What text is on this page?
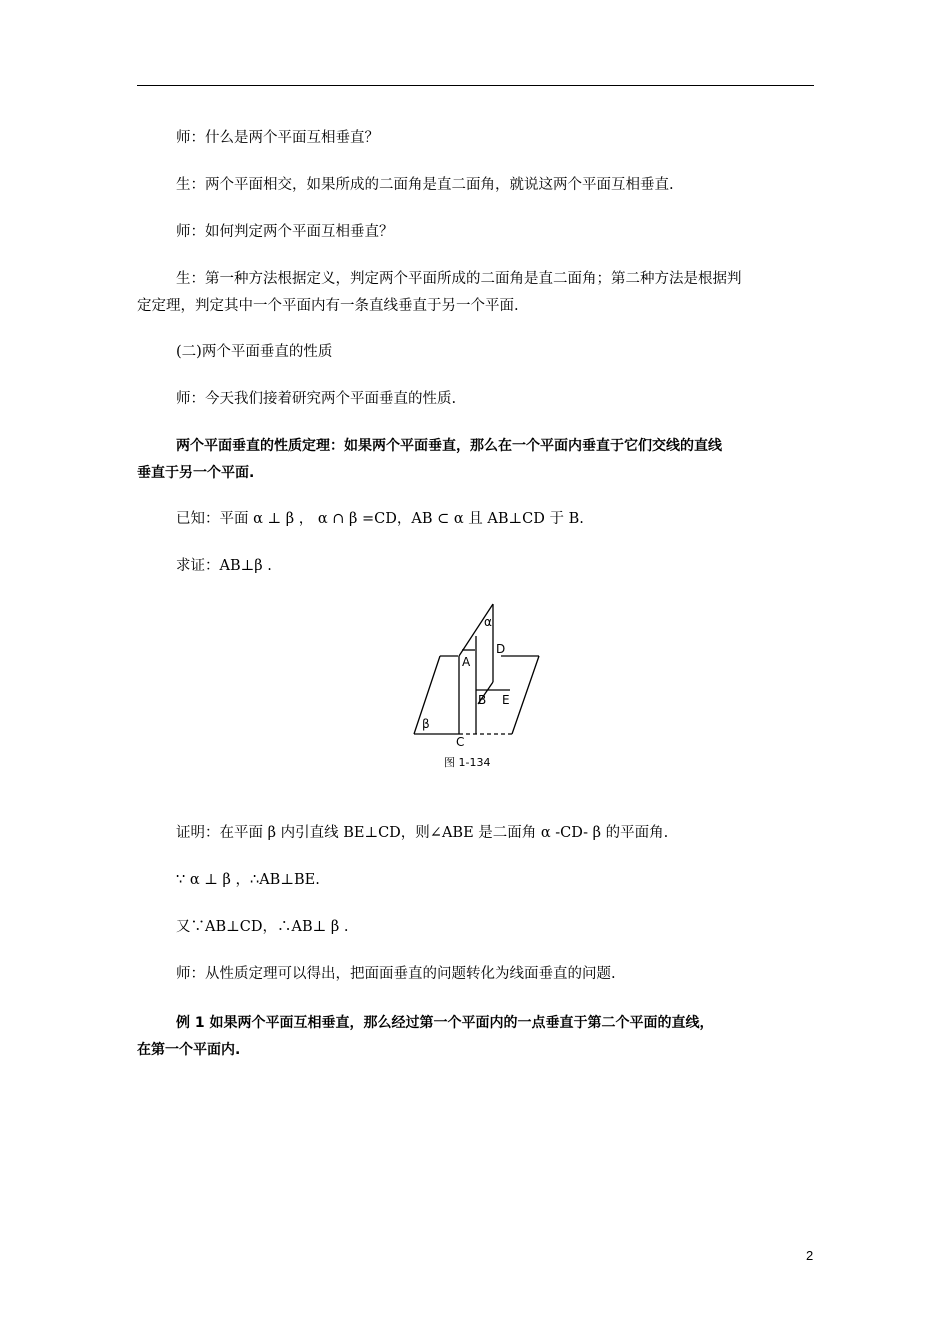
师：什么是两个平面互相垂直？
生：两个平面相交，如果所成的二面角是直二面角，就说这两个平面互相垂直.
师：如何判定两个平面互相垂直？
生：第一种方法根据定义，判定两个平面所成的二面角是直二面角；第二种方法是根据判
定定理，判定其中一个平面内有一条直线垂直于另一个平面.
(二)两个平面垂直的性质
师：今天我们接着研究两个平面垂直的性质.
两个平面垂直的性质定理：如果两个平面垂直，那么在一个平面内垂直于它们交线的直线
垂直于另一个平面.
已知：平面 α ⊥ β ， α ∩ β =CD，AB ⊂ α 且 AB⊥CD 于 B.
求证：AB⊥β .
α
β
A
B
C
D
E
图 1-134
证明：在平面 β 内引直线 BE⊥CD，则∠ABE 是二面角 α -CD- β 的平面角.
∵ α ⊥ β ，∴AB⊥BE.
又∵AB⊥CD，∴AB⊥ β .
师：从性质定理可以得出，把面面垂直的问题转化为线面垂直的问题.
例 1 如果两个平面互相垂直，那么经过第一个平面内的一点垂直于第二个平面的直线，
在第一个平面内.
2
